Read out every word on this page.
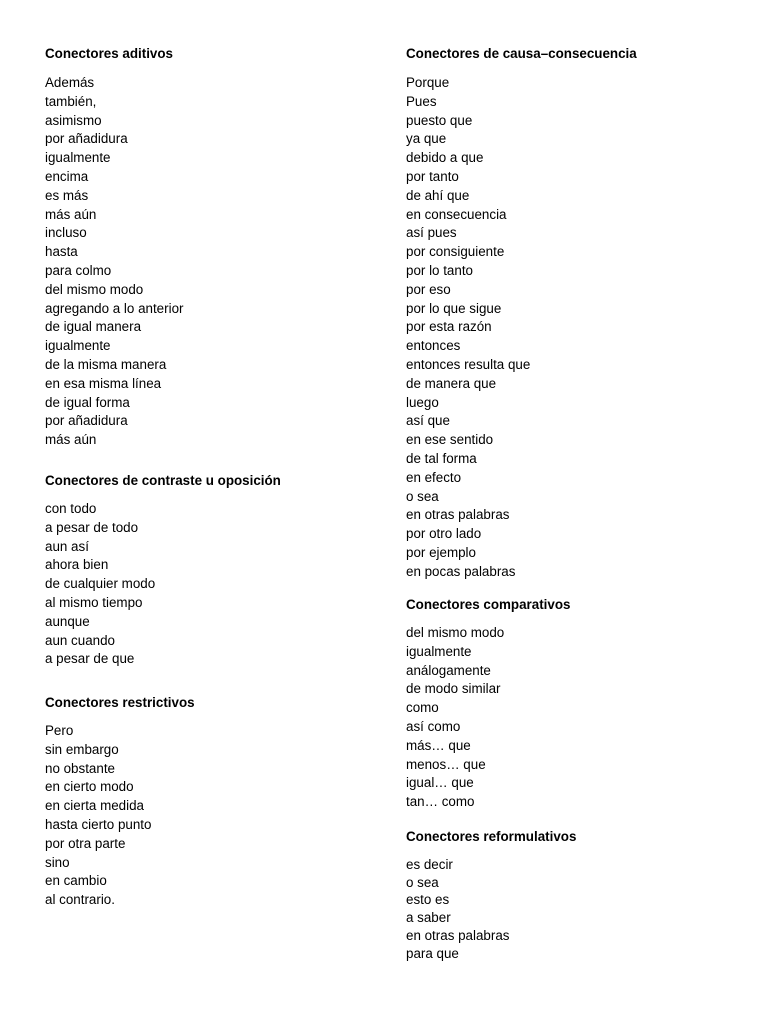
Conectores aditivos
Además
también,
asimismo
por añadidura
igualmente
encima
es más
más aún
incluso
hasta
para colmo
del mismo modo
agregando a lo anterior
de igual manera
igualmente
de la misma manera
en esa misma línea
de igual forma
por añadidura
más aún
Conectores de contraste u oposición
con todo
a pesar de todo
aun así
ahora bien
de cualquier modo
al mismo tiempo
aunque
aun cuando
a pesar de que
Conectores restrictivos
Pero
sin embargo
no obstante
en cierto modo
en cierta medida
hasta cierto punto
por otra parte
sino
en cambio
al contrario.
Conectores de causa–consecuencia
Porque
Pues
puesto que
ya que
debido a que
por tanto
de ahí que
en consecuencia
así pues
por consiguiente
por lo tanto
por eso
por lo que sigue
por esta razón
entonces
entonces resulta que
de manera que
luego
así que
en ese sentido
de tal forma
en efecto
o sea
en otras palabras
por otro lado
por ejemplo
en pocas palabras
Conectores comparativos
del mismo modo
igualmente
análogamente
de modo similar
como
así como
más… que
menos… que
igual… que
tan… como
Conectores reformulativos
es decir
o sea
esto es
a saber
en otras palabras
para que
